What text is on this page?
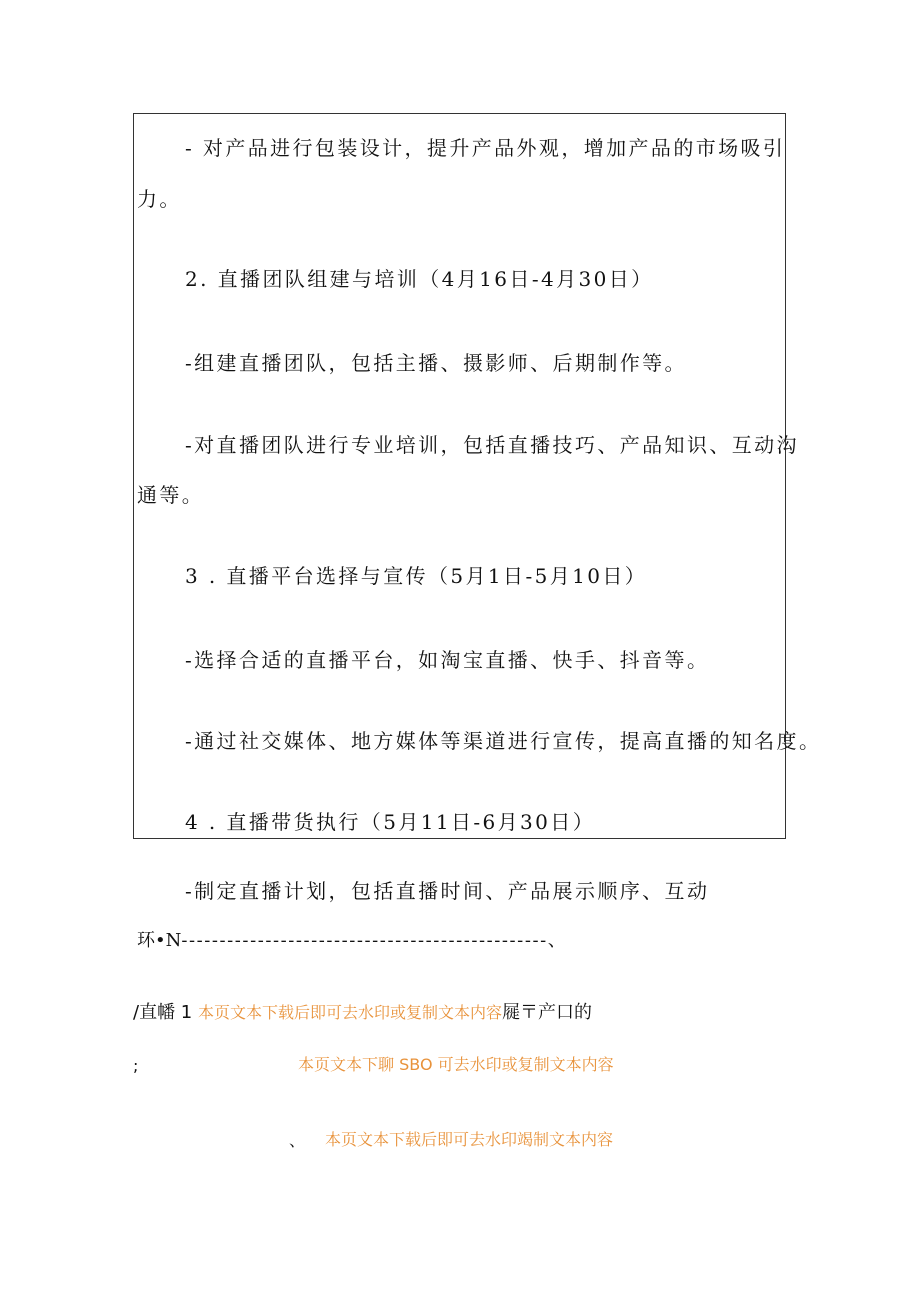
- 对产品进行包装设计，提升产品外观，增加产品的市场吸引
力。
2. 直播团队组建与培训（4月16日-4月30日）
-组建直播团队，包括主播、摄影师、后期制作等。
-对直播团队进行专业培训，包括直播技巧、产品知识、互动沟
通等。
3 . 直播平台选择与宣传（5月1日-5月10日）
-选择合适的直播平台，如淘宝直播、快手、抖音等。
-通过社交媒体、地方媒体等渠道进行宣传，提高直播的知名度。
4 . 直播带货执行（5月11日-6月30日）
-制定直播计划，包括直播时间、产品展示顺序、互动
环•N------------------------------------------------、
/直幡 1 本页文本下载后即可去水印或复制文本内容屣〒产口的
;	本页文本下聊 SBO 可去水印或复制文本内容
、 本页文本下载后即可去水印竭制文本内容
